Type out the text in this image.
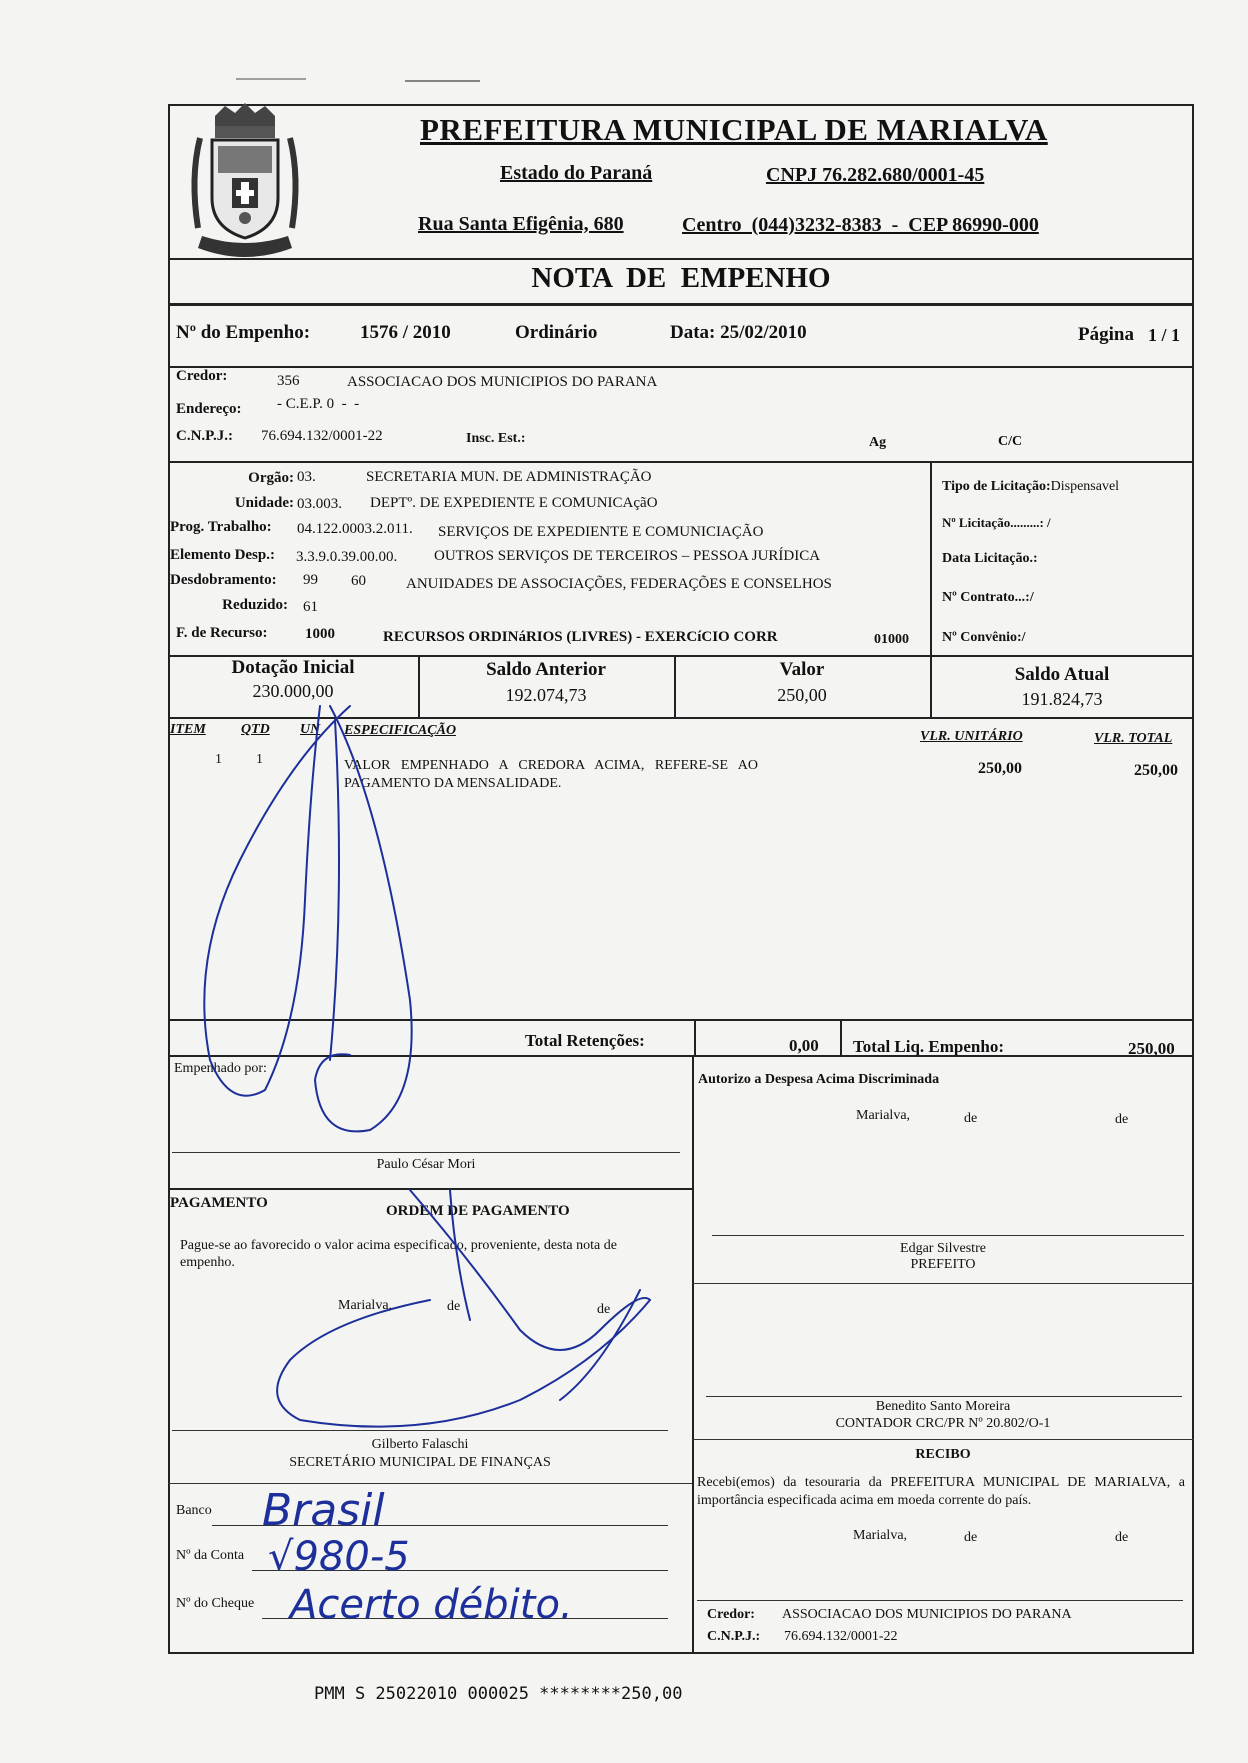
PREFEITURA MUNICIPAL DE MARIALVA
Estado do Paraná	CNPJ 76.282.680/0001-45
Rua Santa Efigênia, 680	Centro  (044)3232-8383  -  CEP 86990-000
NOTA  DE  EMPENHO
Nº do Empenho:	1576 / 2010	Ordinário	Data: 25/02/2010	Página 1 / 1
Credor:	356	ASSOCIACAO DOS MUNICIPIOS DO PARANA
Endereço: - C.E.P. 0  -  -
C.N.P.J.: 76.694.132/0001-22	Insc. Est.:	Ag	C/C
Orgão: 03.	SECRETARIA MUN. DE ADMINISTRAÇÃO
Unidade: 03.003. DEPTº. DE EXPEDIENTE E COMUNICAçãO
Prog. Trabalho: 04.122.0003.2.011. SERVIÇOS DE EXPEDIENTE E COMUNICIAÇÃO
Elemento Desp.: 3.3.9.0.39.00.00. OUTROS SERVIÇOS DE TERCEIROS – PESSOA JURÍDICA
Desdobramento: 99 60	ANUIDADES DE ASSOCIAÇÕES, FEDERAÇÕES E CONSELHOS
Reduzido: 61
F. de Recurso: 1000	RECURSOS ORDINáRIOS (LIVRES) - EXERCíCIO CORR	01000
Tipo de Licitação:Dispensavel
Nº Licitação.........: /
Data Licitação.:
Nº Contrato...:/
Nº Convênio:/
Dotação Inicial
230.000,00
Saldo Anterior
192.074,73
Valor
250,00
Saldo Atual
191.824,73
ITEM	QTD UN ESPECIFICAÇÃO	VLR. UNITÁRIO	VLR. TOTAL
1 1	VALOR   EMPENHADO   A   CREDORA   ACIMA,   REFERE-SE   AO
PAGAMENTO DA MENSALIDADE.
250,00	250,00
Total Retenções:	0,00 Total Liq. Empenho:	250,00
Empenhado por:
Paulo César Mori
Autorizo a Despesa Acima Discriminada
Marialva,	de	de
PAGAMENTO	ORDEM DE PAGAMENTO
Pague-se ao favorecido o valor acima especificado, proveniente, desta nota de empenho.
Marialva,	de	de
Gilberto Falaschi
SECRETÁRIO MUNICIPAL DE FINANÇAS
Banco
Nº da Conta
Nº do Cheque
Edgar Silvestre
PREFEITO
Benedito Santo Moreira
CONTADOR CRC/PR Nº 20.802/O-1
RECIBO
Recebi(emos) da tesouraria da PREFEITURA MUNICIPAL DE MARIALVA, a importância especificada acima em moeda corrente do país.
Marialva,	de	de
Credor: ASSOCIACAO DOS MUNICIPIOS DO PARANA
C.N.P.J.: 76.694.132/0001-22
PMM S 25022010 000025 ********250,00
Brasil
√980-5
Acerto débito.
